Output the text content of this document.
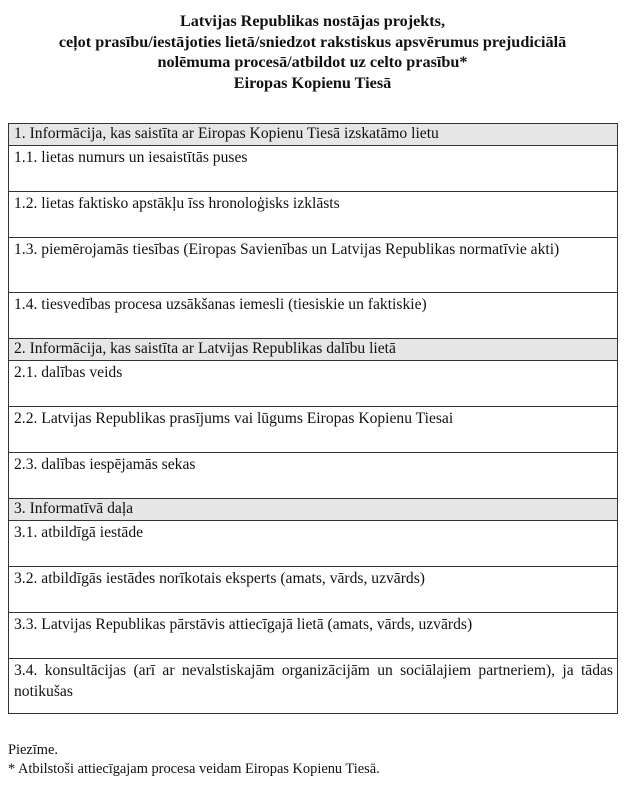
Latvijas Republikas nostājas projekts,
ceļot prasību/iestājoties lietā/sniedzot rakstiskus apsvērumus prejudiciālā
nolēmuma procesā/atbildot uz celto prasību*
Eiropas Kopienu Tiesā
1. Informācija, kas saistīta ar Eiropas Kopienu Tiesā izskatāmo lietu
1.1. lietas numurs un iesaistītās puses
1.2. lietas faktisko apstākļu īss hronoloģisks izklāsts
1.3. piemērojamās tiesības (Eiropas Savienības un Latvijas Republikas normatīvie akti)
1.4. tiesvedības procesa uzsākšanas iemesli (tiesiskie un faktiskie)
2. Informācija, kas saistīta ar Latvijas Republikas dalību lietā
2.1. dalības veids
2.2. Latvijas Republikas prasījums vai lūgums Eiropas Kopienu Tiesai
2.3. dalības iespējamās sekas
3. Informatīvā daļa
3.1. atbildīgā iestāde
3.2. atbildīgās iestādes norīkotais eksperts (amats, vārds, uzvārds)
3.3. Latvijas Republikas pārstāvis attiecīgajā lietā (amats, vārds, uzvārds)
3.4. konsultācijas (arī ar nevalstiskajām organizācijām un sociālajiem partneriem), ja tādas notikušas
Piezīme.
* Atbilstoši attiecīgajam procesa veidam Eiropas Kopienu Tiesā.
